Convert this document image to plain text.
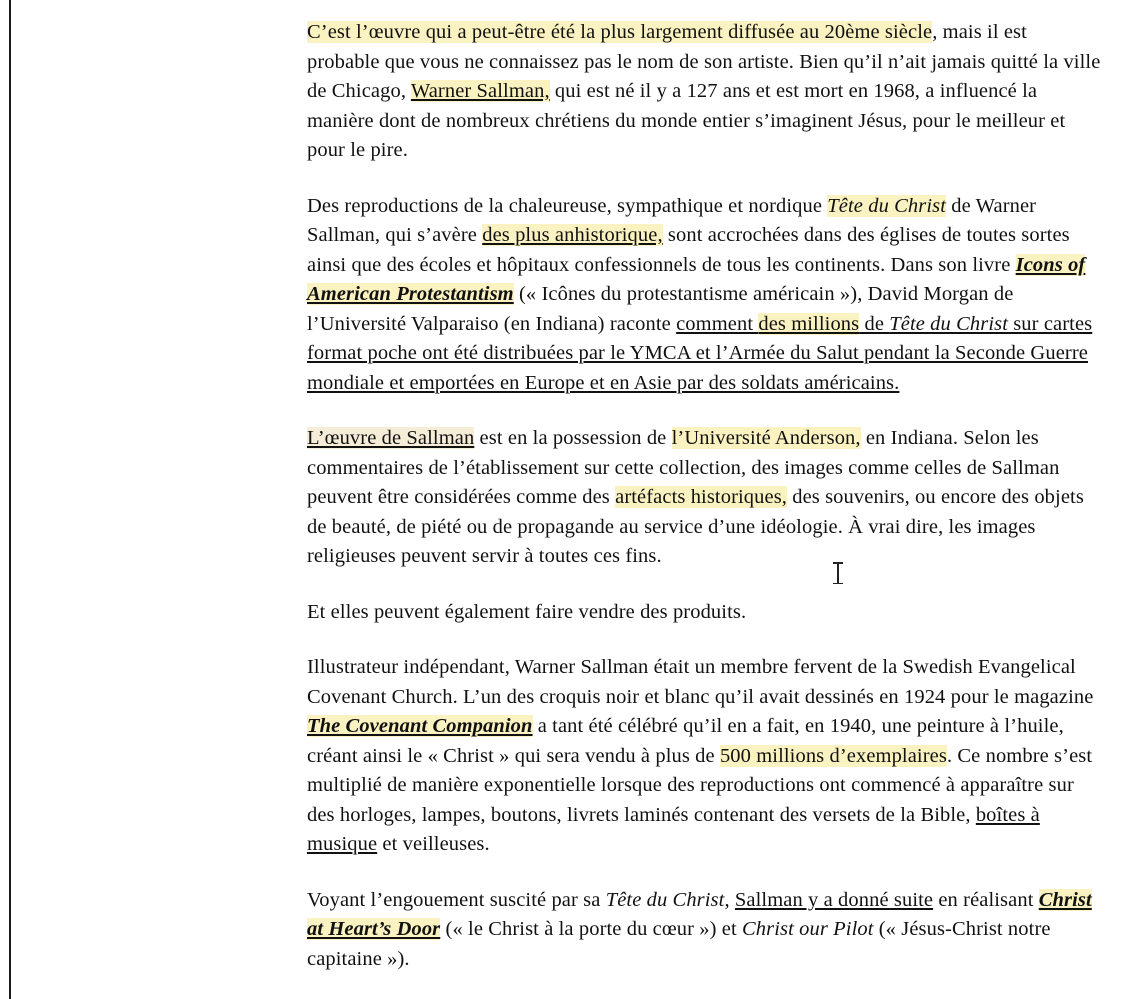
C’est l’œuvre qui a peut-être été la plus largement diffusée au 20ème siècle, mais il est probable que vous ne connaissez pas le nom de son artiste. Bien qu’il n’ait jamais quitté la ville de Chicago, Warner Sallman, qui est né il y a 127 ans et est mort en 1968, a influencé la manière dont de nombreux chrétiens du monde entier s’imaginent Jésus, pour le meilleur et pour le pire.

Des reproductions de la chaleureuse, sympathique et nordique Tête du Christ de Warner Sallman, qui s’avère des plus anhistorique, sont accrochées dans des églises de toutes sortes ainsi que des écoles et hôpitaux confessionnels de tous les continents. Dans son livre Icons of American Protestantism (« Icônes du protestantisme américain »), David Morgan de l’Université Valparaiso (en Indiana) raconte comment des millions de Tête du Christ sur cartes format poche ont été distribuées par le YMCA et l’Armée du Salut pendant la Seconde Guerre mondiale et emportées en Europe et en Asie par des soldats américains.

L’œuvre de Sallman est en la possession de l’Université Anderson, en Indiana. Selon les commentaires de l’établissement sur cette collection, des images comme celles de Sallman peuvent être considérées comme des artéfacts historiques, des souvenirs, ou encore des objets de beauté, de piété ou de propagande au service d’une idéologie. À vrai dire, les images religieuses peuvent servir à toutes ces fins.

Et elles peuvent également faire vendre des produits.

Illustrateur indépendant, Warner Sallman était un membre fervent de la Swedish Evangelical Covenant Church. L’un des croquis noir et blanc qu’il avait dessinés en 1924 pour le magazine The Covenant Companion a tant été célébré qu’il en a fait, en 1940, une peinture à l’huile, créant ainsi le « Christ » qui sera vendu à plus de 500 millions d’exemplaires. Ce nombre s’est multiplié de manière exponentielle lorsque des reproductions ont commencé à apparaître sur des horloges, lampes, boutons, livrets laminés contenant des versets de la Bible, boîtes à musique et veilleuses.

Voyant l’engouement suscité par sa Tête du Christ, Sallman y a donné suite en réalisant Christ at Heart’s Door (« le Christ à la porte du cœur ») et Christ our Pilot (« Jésus-Christ notre capitaine »).
